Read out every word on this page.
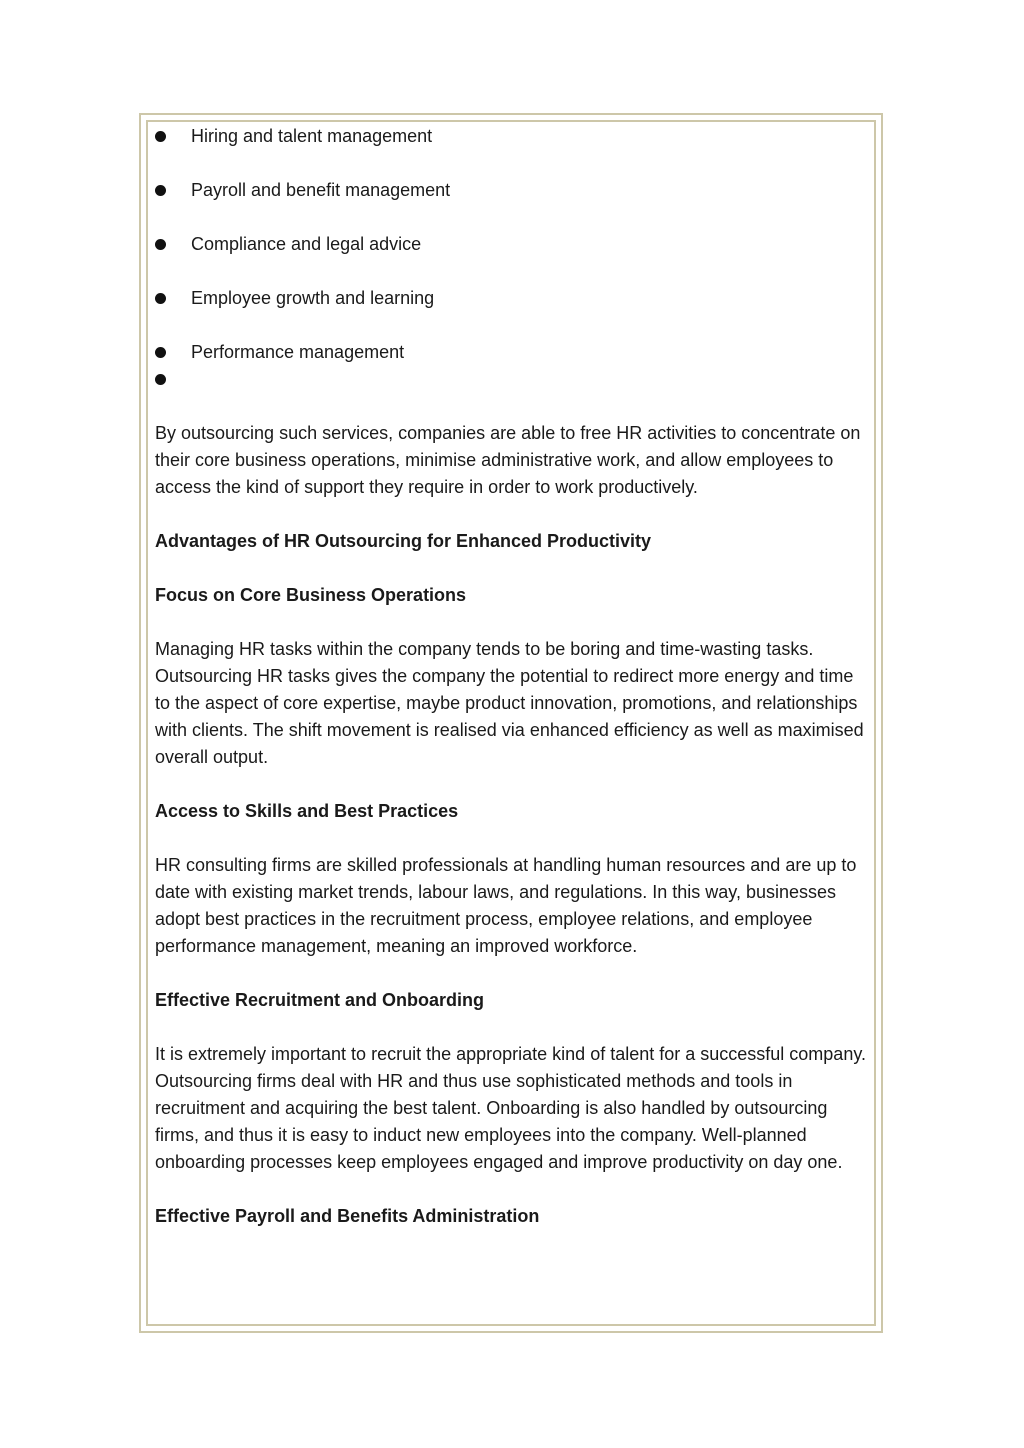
Hiring and talent management
Payroll and benefit management
Compliance and legal advice
Employee growth and learning
Performance management

By outsourcing such services, companies are able to free HR activities to concentrate on their core business operations, minimise administrative work, and allow employees to access the kind of support they require in order to work productively.

Advantages of HR Outsourcing for Enhanced Productivity
Focus on Core Business Operations

Managing HR tasks within the company tends to be boring and time-wasting tasks. Outsourcing HR tasks gives the company the potential to redirect more energy and time to the aspect of core expertise, maybe product innovation, promotions, and relationships with clients. The shift movement is realised via enhanced efficiency as well as maximised overall output.

Access to Skills and Best Practices

HR consulting firms are skilled professionals at handling human resources and are up to date with existing market trends, labour laws, and regulations. In this way, businesses adopt best practices in the recruitment process, employee relations, and employee performance management, meaning an improved workforce.

Effective Recruitment and Onboarding

It is extremely important to recruit the appropriate kind of talent for a successful company. Outsourcing firms deal with HR and thus use sophisticated methods and tools in recruitment and acquiring the best talent. Onboarding is also handled by outsourcing firms, and thus it is easy to induct new employees into the company. Well-planned onboarding processes keep employees engaged and improve productivity on day one.

Effective Payroll and Benefits Administration
